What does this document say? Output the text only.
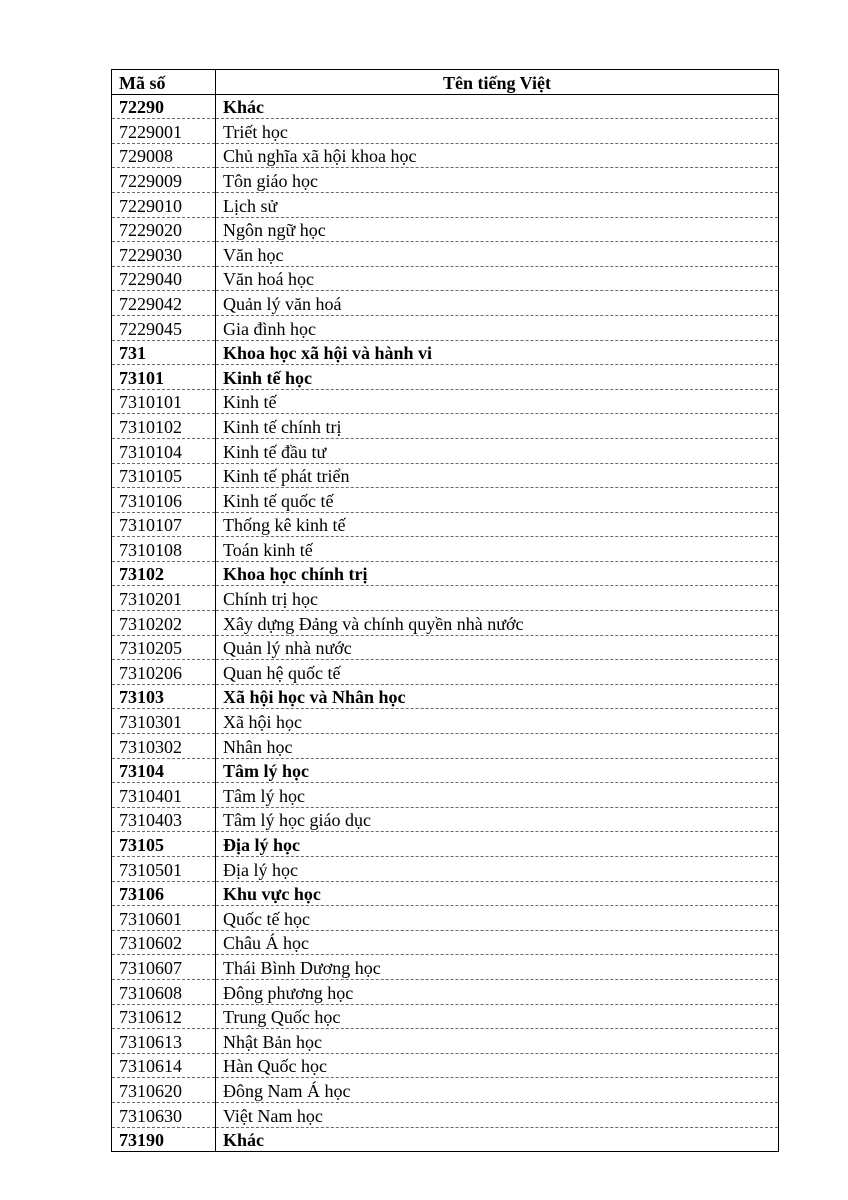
Mã số	Tên tiếng Việt
72290	Khác
7229001	Triết học
729008	Chủ nghĩa xã hội khoa học
7229009	Tôn giáo học
7229010	Lịch sử
7229020	Ngôn ngữ học
7229030	Văn học
7229040	Văn hoá học
7229042	Quản lý văn hoá
7229045	Gia đình học
731	Khoa học xã hội và hành vi
73101	Kinh tế học
7310101	Kinh tế
7310102	Kinh tế chính trị
7310104	Kinh tế đầu tư
7310105	Kinh tế phát triển
7310106	Kinh tế quốc tế
7310107	Thống kê kinh tế
7310108	Toán kinh tế
73102	Khoa học chính trị
7310201	Chính trị học
7310202	Xây dựng Đảng và chính quyền nhà nước
7310205	Quản lý nhà nước
7310206	Quan hệ quốc tế
73103	Xã hội học và Nhân học
7310301	Xã hội học
7310302	Nhân học
73104	Tâm lý học
7310401	Tâm lý học
7310403	Tâm lý học giáo dục
73105	Địa lý học
7310501	Địa lý học
73106	Khu vực học
7310601	Quốc tế học
7310602	Châu Á học
7310607	Thái Bình Dương học
7310608	Đông phương học
7310612	Trung Quốc học
7310613	Nhật Bản học
7310614	Hàn Quốc học
7310620	Đông Nam Á học
7310630	Việt Nam học
73190	Khác
